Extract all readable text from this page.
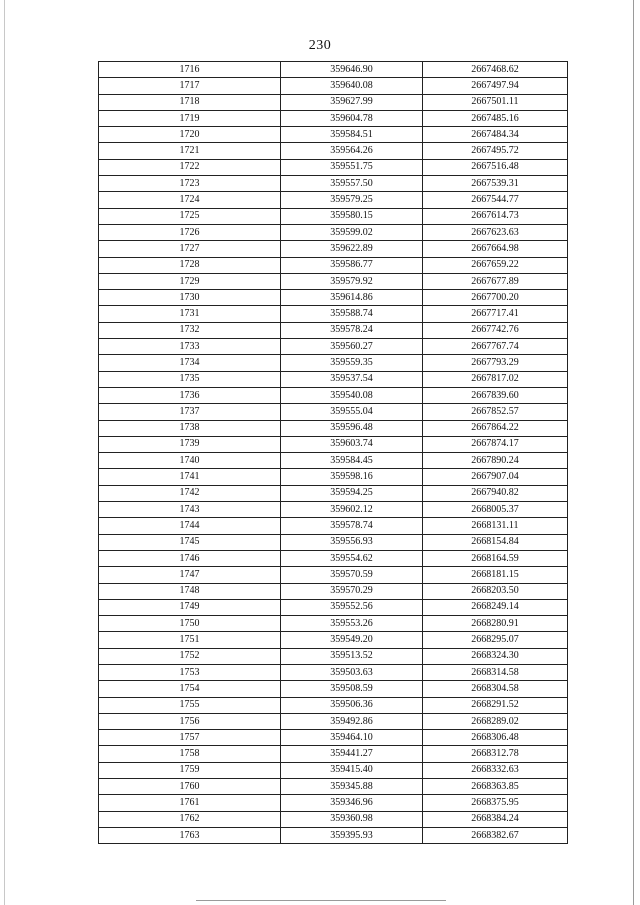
230
1716	359646.90	2667468.62
1717	359640.08	2667497.94
1718	359627.99	2667501.11
1719	359604.78	2667485.16
1720	359584.51	2667484.34
1721	359564.26	2667495.72
1722	359551.75	2667516.48
1723	359557.50	2667539.31
1724	359579.25	2667544.77
1725	359580.15	2667614.73
1726	359599.02	2667623.63
1727	359622.89	2667664.98
1728	359586.77	2667659.22
1729	359579.92	2667677.89
1730	359614.86	2667700.20
1731	359588.74	2667717.41
1732	359578.24	2667742.76
1733	359560.27	2667767.74
1734	359559.35	2667793.29
1735	359537.54	2667817.02
1736	359540.08	2667839.60
1737	359555.04	2667852.57
1738	359596.48	2667864.22
1739	359603.74	2667874.17
1740	359584.45	2667890.24
1741	359598.16	2667907.04
1742	359594.25	2667940.82
1743	359602.12	2668005.37
1744	359578.74	2668131.11
1745	359556.93	2668154.84
1746	359554.62	2668164.59
1747	359570.59	2668181.15
1748	359570.29	2668203.50
1749	359552.56	2668249.14
1750	359553.26	2668280.91
1751	359549.20	2668295.07
1752	359513.52	2668324.30
1753	359503.63	2668314.58
1754	359508.59	2668304.58
1755	359506.36	2668291.52
1756	359492.86	2668289.02
1757	359464.10	2668306.48
1758	359441.27	2668312.78
1759	359415.40	2668332.63
1760	359345.88	2668363.85
1761	359346.96	2668375.95
1762	359360.98	2668384.24
1763	359395.93	2668382.67
